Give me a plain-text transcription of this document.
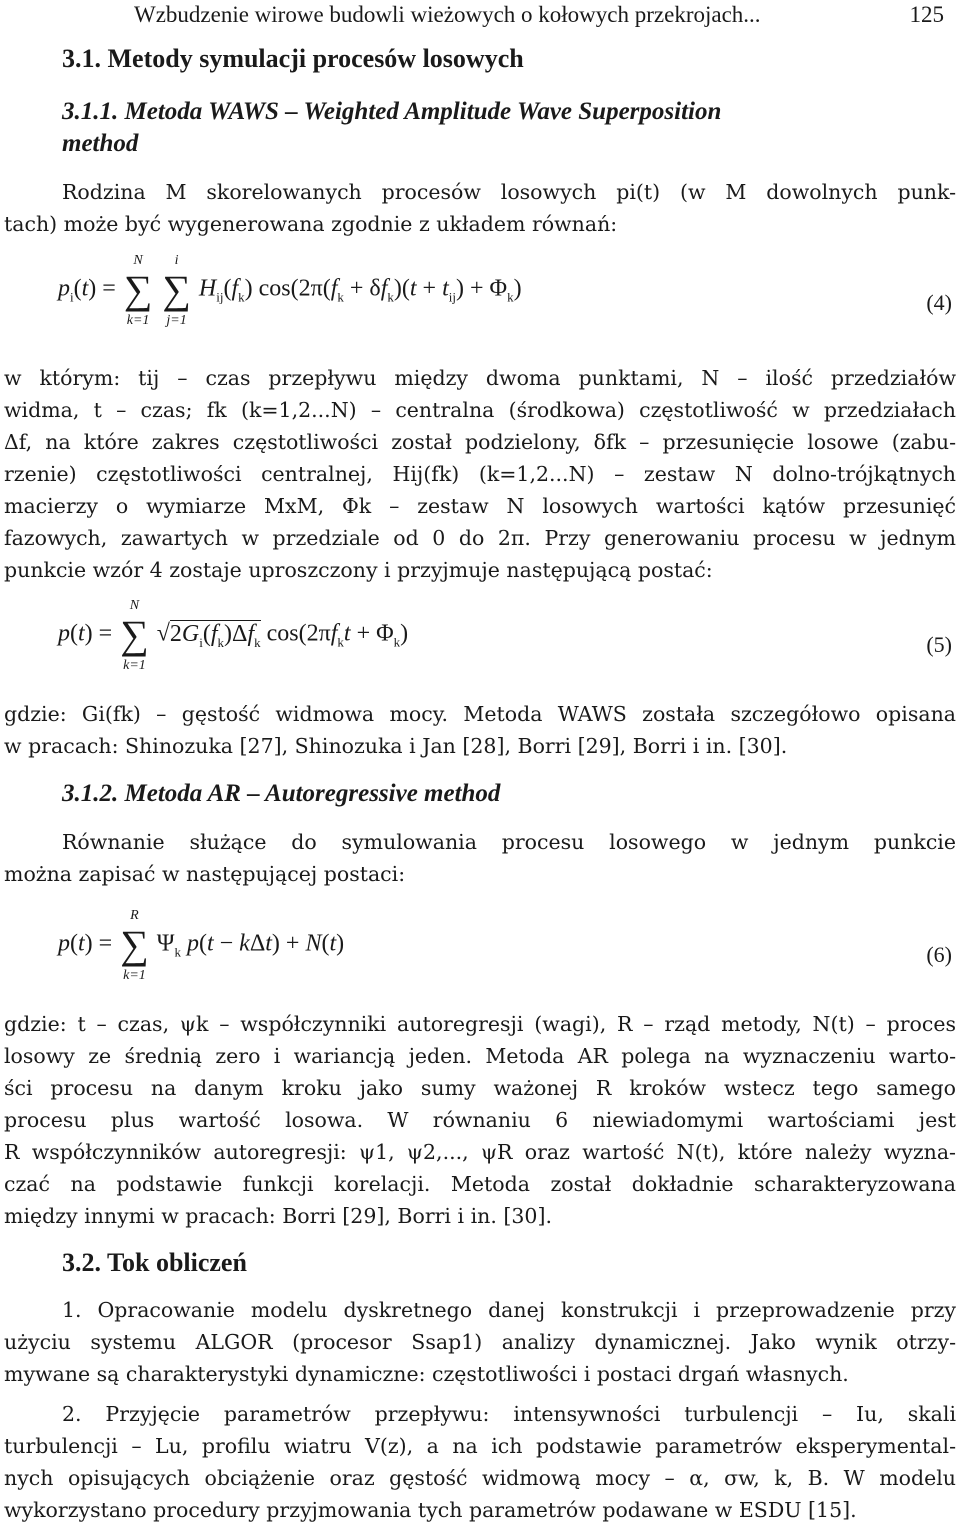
Wzbudzenie wirowe budowli wieżowych o kołowych przekrojach...	125
3.1. Metody symulacji procesów losowych
3.1.1. Metoda WAWS – Weighted Amplitude Wave Superposition
method
Rodzina M skorelowanych procesów losowych pi(t) (w M dowolnych punk-
tach) może być wygenerowana zgodnie z układem równań:
$p_i(t)$ = ∑
N
k=1
∑
i
j=1
$H_{ij}(f_k) \cos(2\pi(f_k + \delta f_k)(t + t_{ij}) + \Phi_k)$
(4)
w którym: tij – czas przepływu między dwoma punktami, N – ilość przedziałów
widma, t – czas; fk (k=1,2...N) – centralna (środkowa) częstotliwość w przedziałach
Δf, na które zakres częstotliwości został podzielony, δfk – przesunięcie losowe (zabu-
rzenie) częstotliwości centralnej, Hij(fk) (k=1,2...N) – zestaw N dolno-trójkątnych
macierzy o wymiarze MxM, Φk – zestaw N losowych wartości kątów przesunięć
fazowych, zawartych w przedziale od 0 do 2π. Przy generowaniu procesu w jednym
punkcie wzór 4 zostaje uproszczony i przyjmuje następującą postać:
p(t) = ∑
N
k=1
$√2G_i(f_k)\Delta f_k$ $\cos(2\pi f_kt + \Phi_k)$	(5)
gdzie: Gi(fk) – gęstość widmowa mocy. Metoda WAWS została szczegółowo opisana
w pracach: Shinozuka [27], Shinozuka i Jan [28], Borri [29], Borri i in. [30].
3.1.2. Metoda AR – Autoregressive method
Równanie służące do symulowania procesu losowego w jednym punkcie
można zapisać w następującej postaci:
p(t) = ∑
R
k=1
$\Psi_k$ p(t − kΔt) + N(t)	(6)
gdzie: t – czas, ψk – współczynniki autoregresji (wagi), R – rząd metody, N(t) – proces
losowy ze średnią zero i wariancją jeden. Metoda AR polega na wyznaczeniu warto-
ści procesu na danym kroku jako sumy ważonej R kroków wstecz tego samego
procesu plus wartość losowa. W równaniu 6 niewiadomymi wartościami jest
R współczynników autoregresji: ψ1, ψ2,..., ψR oraz wartość N(t), które należy wyzna-
czać na podstawie funkcji korelacji. Metoda został dokładnie scharakteryzowana
między innymi w pracach: Borri [29], Borri i in. [30].
3.2. Tok obliczeń
1. Opracowanie modelu dyskretnego danej konstrukcji i przeprowadzenie przy
użyciu systemu ALGOR (procesor Ssap1) analizy dynamicznej. Jako wynik otrzy-
mywane są charakterystyki dynamiczne: częstotliwości i postaci drgań własnych.
2. Przyjęcie parametrów przepływu: intensywności turbulencji – Iu, skali
turbulencji – Lu, profilu wiatru V(z), a na ich podstawie parametrów eksperymental-
nych opisujących obciążenie oraz gęstość widmową mocy – α, σw, k, B. W modelu
wykorzystano procedury przyjmowania tych parametrów podawane w ESDU [15].
